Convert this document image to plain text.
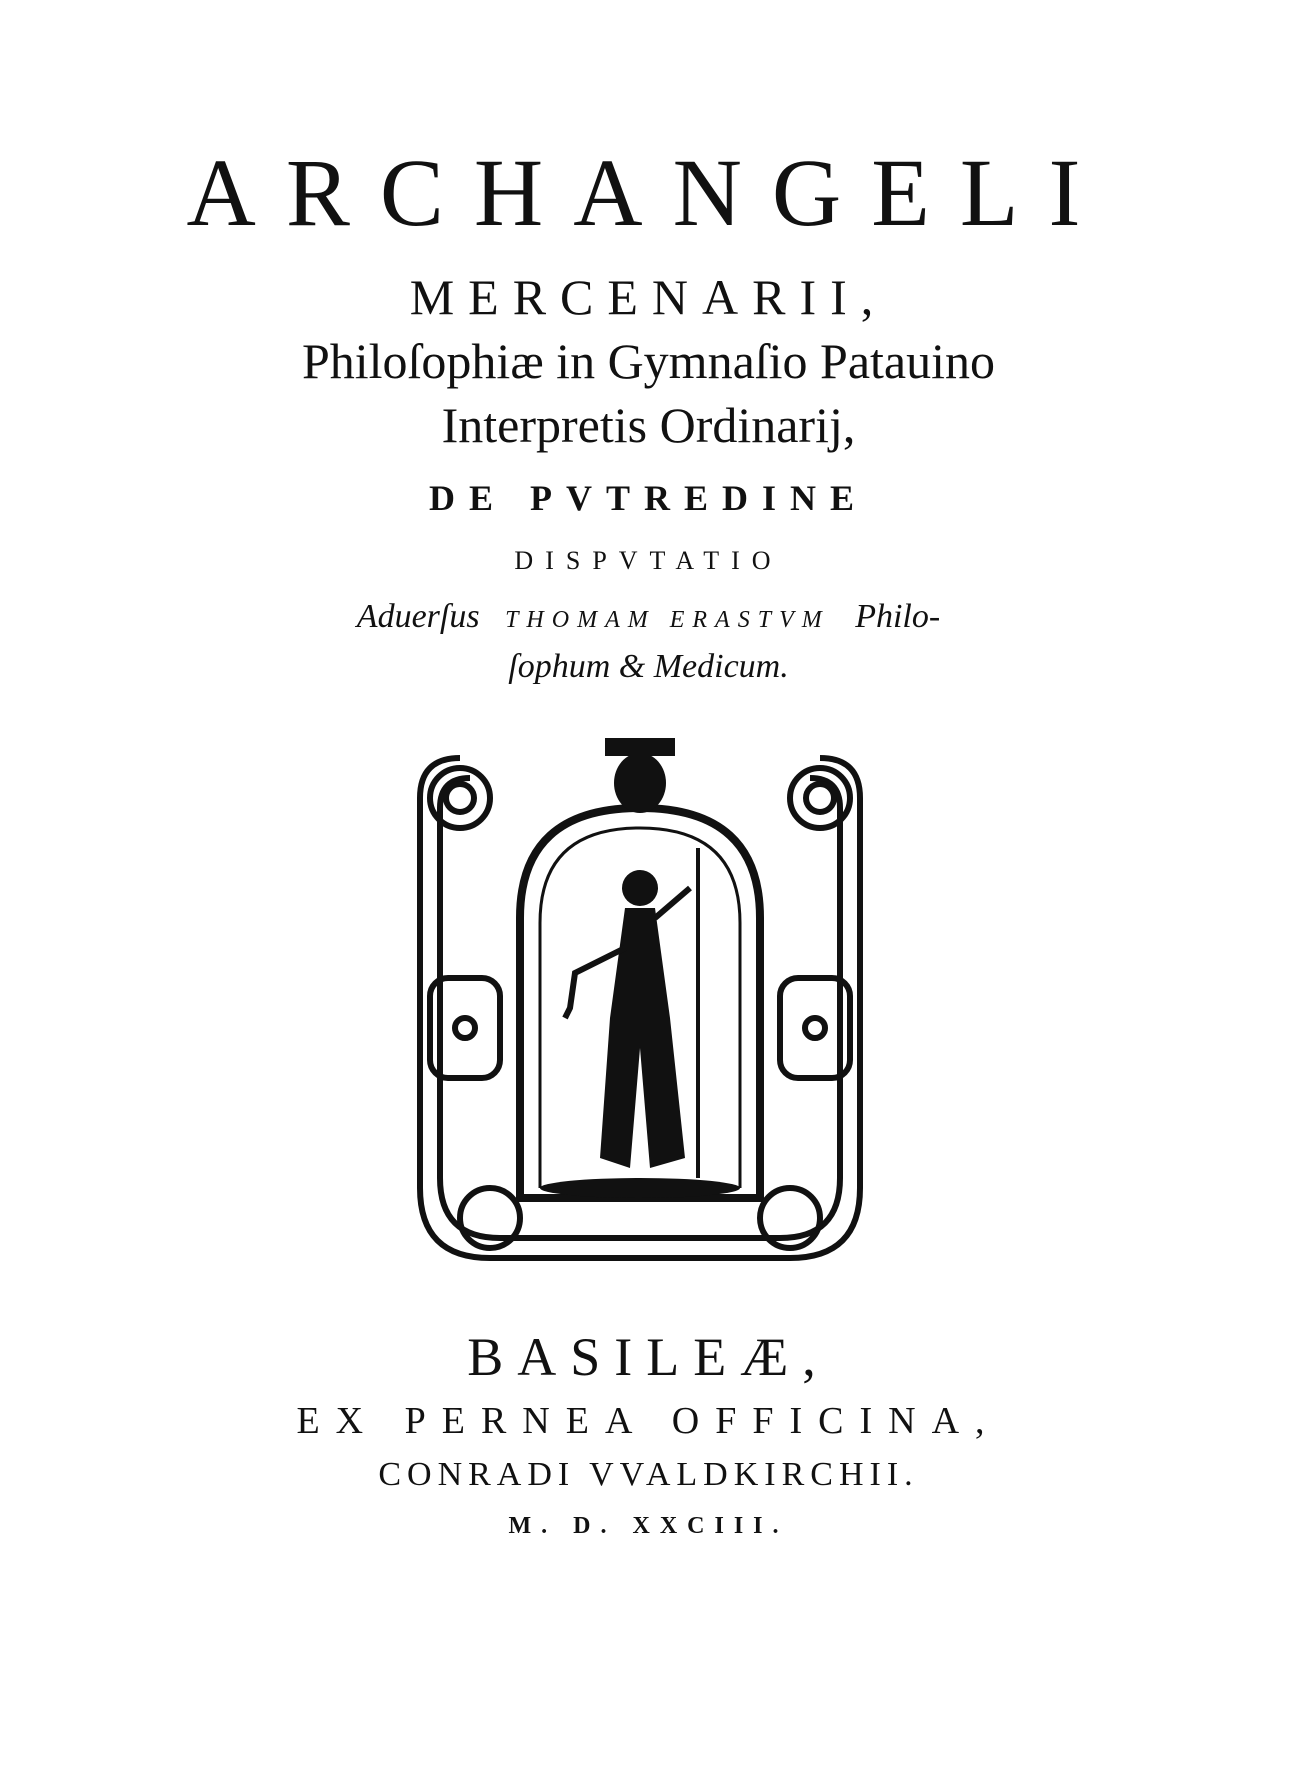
ARCHANGELI
MERCENARII,
Philoſophiæ in Gymnaſio Patauino
Interpretis Ordinarij,
DE PVTREDINE
DISPVTATIO
Aduerſus THOMAM ERASTVM Philo-
ſophum & Medicum.
BASILEÆ,
EX PERNEA OFFICINA,
CONRADI VVALDKIRCHII.
M. D. XXCIII.
